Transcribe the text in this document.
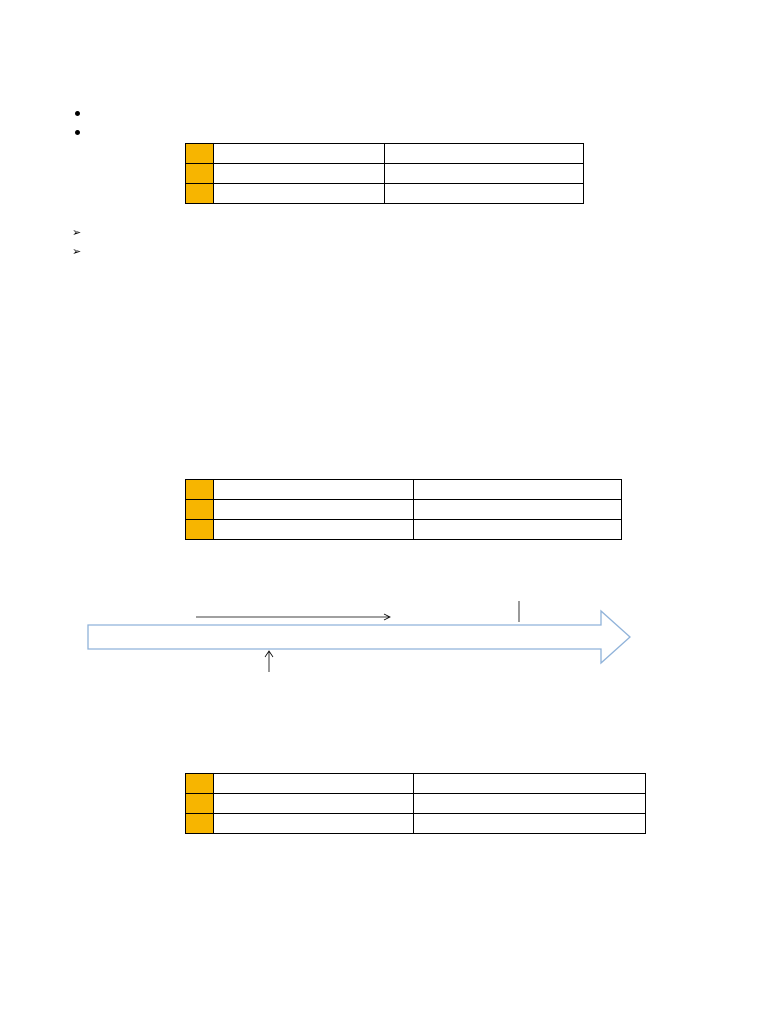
➢
➢
